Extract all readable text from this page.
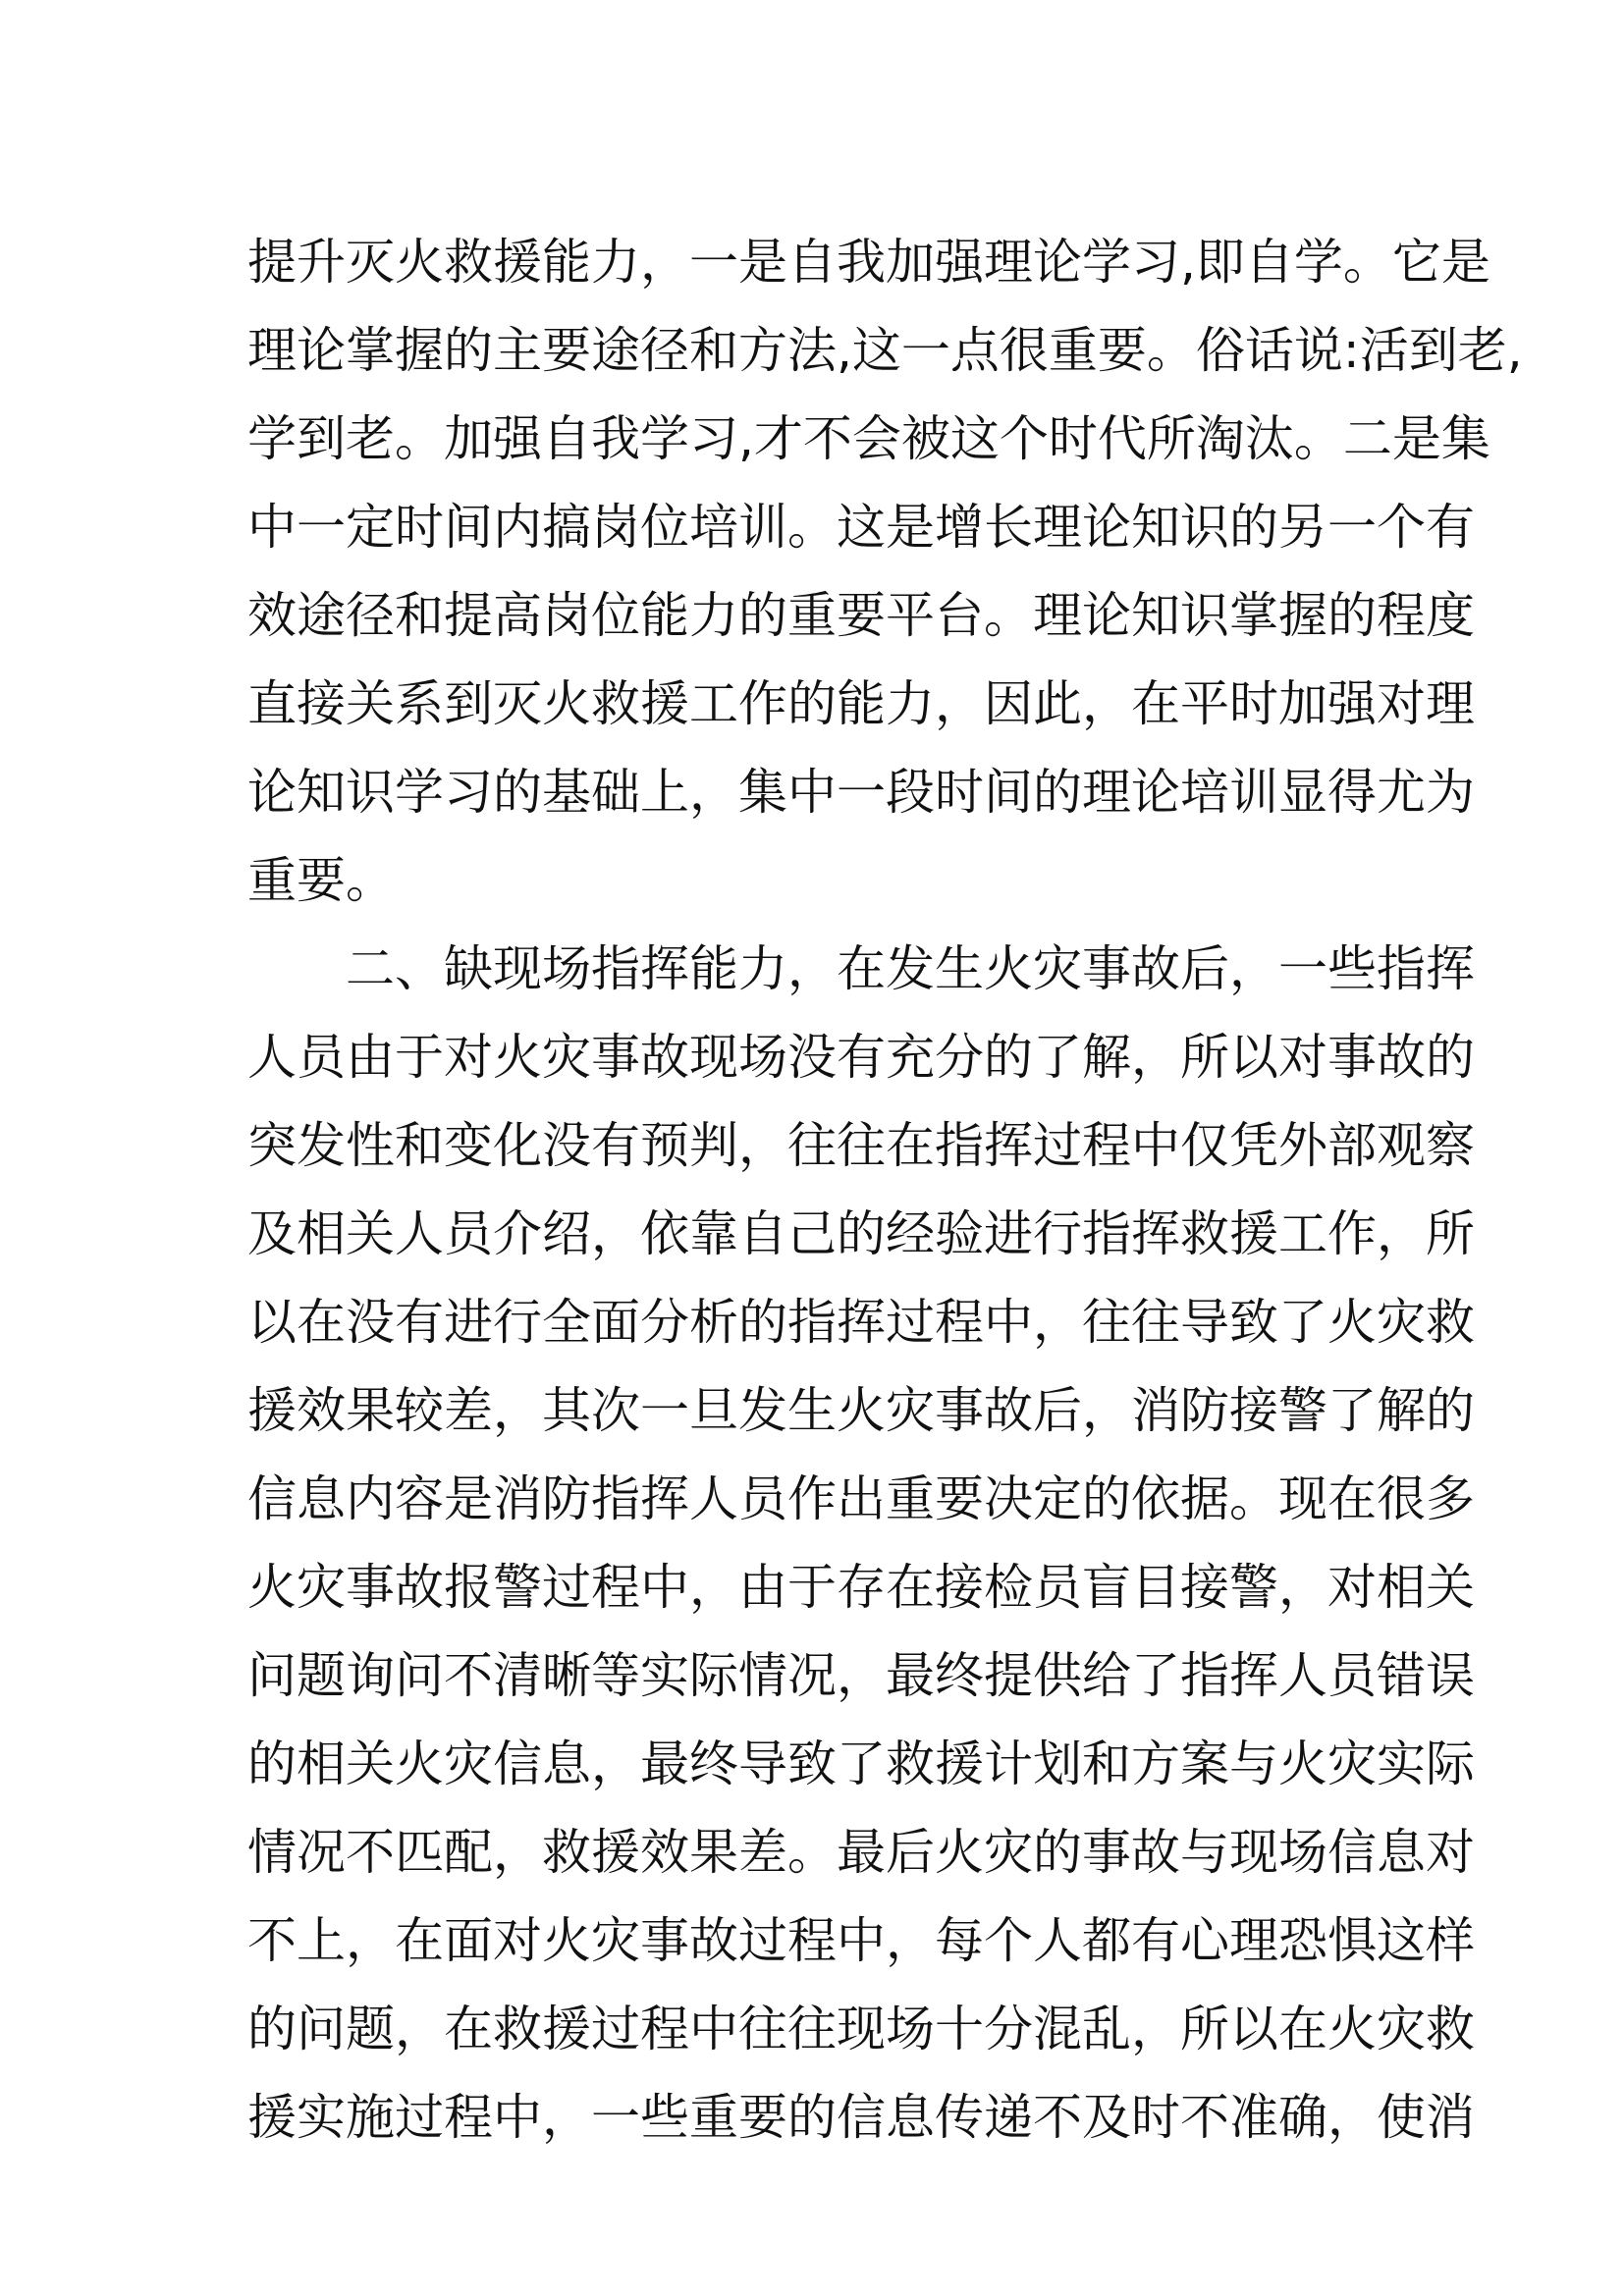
提升灭火救援能力，一是自我加强理论学习,即自学。它是
理论掌握的主要途径和方法,这一点很重要。俗话说:活到老,
学到老。加强自我学习,才不会被这个时代所淘汰。二是集
中一定时间内搞岗位培训。这是增长理论知识的另一个有
效途径和提高岗位能力的重要平台。理论知识掌握的程度
直接关系到灭火救援工作的能力，因此，在平时加强对理
论知识学习的基础上，集中一段时间的理论培训显得尤为
重要。
　　二、缺现场指挥能力，在发生火灾事故后，一些指挥
人员由于对火灾事故现场没有充分的了解，所以对事故的
突发性和变化没有预判，往往在指挥过程中仅凭外部观察
及相关人员介绍，依靠自己的经验进行指挥救援工作，所
以在没有进行全面分析的指挥过程中，往往导致了火灾救
援效果较差，其次一旦发生火灾事故后，消防接警了解的
信息内容是消防指挥人员作出重要决定的依据。现在很多
火灾事故报警过程中，由于存在接检员盲目接警，对相关
问题询问不清晰等实际情况，最终提供给了指挥人员错误
的相关火灾信息，最终导致了救援计划和方案与火灾实际
情况不匹配，救援效果差。最后火灾的事故与现场信息对
不上，在面对火灾事故过程中，每个人都有心理恐惧这样
的问题，在救援过程中往往现场十分混乱，所以在火灾救
援实施过程中，一些重要的信息传递不及时不准确，使消
